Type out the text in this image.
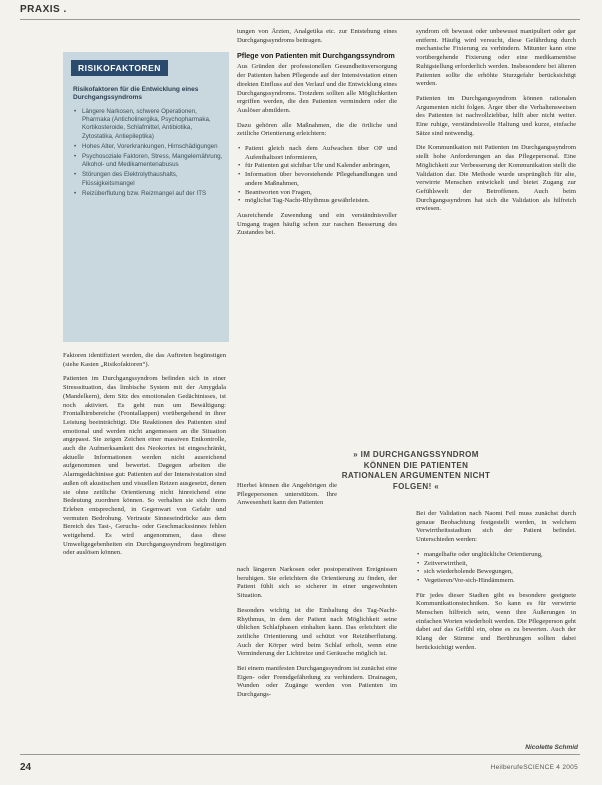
PRAXIS .
RISIKOFAKTOREN
Risikofaktoren für die Entwicklung eines Durchgangssyndroms
• Längere Narkosen, schwere Operationen, Pharmaka (Anticholinergika, Psychopharmaka, Kortikosteroide, Schlafmittel, Antibiotika, Zytostatika, Antiepileptika)
• Hohes Alter, Vorerkrankungen, Hirnschädigungen
• Psychosoziale Faktoren, Stress, Mangelernährung, Alkohol- und Medikamentenabusus
• Störungen des Elektrolythaushalts, Flüssigkeitsmangel
• Reizüberflutung bzw. Reizmangel auf der ITS

Faktoren identifiziert werden, die das Auftreten begünstigen (siehe Kasten „Risikofaktoren“).

Patienten im Durchgangssyndrom befinden sich in einer Stresssituation, das limbische System mit der Amygdala (Mandelkern), dem Sitz des emotionalen Gedächtnisses, ist noch aktiviert. Es geht nun um Bewältigung: Frontalhirnbereiche (Frontallappen) vorübergehend in ihrer Leistung beeinträchtigt. Die Reaktionen des Patienten sind emotional und werden nicht angemessen an die Situation angepasst. Sie zeigen Zeichen einer massiven Entkontrolle, auch die Aufmerksamkeit des Neokortex ist eingeschränkt, aktuelle Informationen werden nicht ausreichend aufgenommen und bewertet. Dagegen arbeiten die Alarmgedächtnisse gut: Patienten auf der Intensivstation sind außen oft akustischen und visuellen Reizen ausgesetzt, denen sie ohne zeitliche Orientierung nicht hinreichend eine Bedeutung zuordnen können. So verhalten sie sich ihrem Erleben entsprechend, in Gegenwart von Gefahr und vermuten Bedrohung. Vertraute Sinneseindrücke aus dem Bereich des Tast-, Geruchs- oder Geschmackssinnes fehlen weitgehend. Es wird angenommen, dass diese Umweltgegebenheiten ein Durchgangssyndrom begünstigen oder auslösen können.

tungen von Ärzten, Analgetika etc. zur Entstehung eines Durchgangssyndroms beitragen.

Pflege von Patienten mit Durchgangssyndrom

Aus Gründen der professionellen Gesundheitsversorgung der Patienten haben Pflegende auf der Intensivstation einen direkten Einfluss auf den Verlauf und die Entwicklung eines Durchgangssyndroms. Trotzdem sollten alle Möglichkeiten ergriffen werden, die den Patienten vermindern oder die Auslöser abmildern.

Dazu gehören alle Maßnahmen, die die örtliche und zeitliche Orientierung erleichtern:

• Patient gleich nach dem Aufwachen über OP und Aufenthaltsort informieren,
• für Patienten gut sichtbar Uhr und Kalender anbringen,
• Information über bevorstehende Pflegehandlungen und andere Maßnahmen,
• Beantworten von Fragen,
• möglichst Tag-Nacht-Rhythmus gewährleisten.

Ausreichende Zuwendung und ein verständnisvoller Umgang tragen häufig schon zur raschen Besserung des Zustandes bei.

Hierbei können die Angehörigen die Pflegepersonen unterstützen. Ihre Anwesenheit kann den Patienten

nach längeren Narkosen oder postoperativen Ereignissen beruhigen. Sie erleichtern die Orientierung zu finden, der Patient fühlt sich so sicherer in einer ungewohnten Situation.

Besonders wichtig ist die Einhaltung des Tag-Nacht-Rhythmus, in dem der Patient nach Möglichkeit seine üblichen Schlafphasen einhalten kann. Das erleichtert die zeitliche Orientierung und schützt vor Reizüberflutung. Auch der Körper wird beim Schlaf erholt, wenn eine Verminderung der Lichtreize und Geräusche möglich ist.

Bei einem manifesten Durchgangssyndrom ist zunächst eine Eigen- oder Fremdgefährdung zu verhindern. Drainagen, Wunden oder Zugänge werden von Patienten im Durchgangs-

» IM DURCHGANGSSYNDROM KÖNNEN DIE PATIENTEN RATIONALEN ARGUMENTEN NICHT FOLGEN! «

syndrom oft bewusst oder unbewusst manipuliert oder gar entfernt. Häufig wird versucht, diese Gefährdung durch mechanische Fixierung zu verhindern. Mitunter kann eine vorübergehende Fixierung oder eine medikamentöse Ruhigstellung erforderlich werden. Insbesondere bei älteren Patienten sollte die erhöhte Sturzgefahr berücksichtigt werden.

Patienten im Durchgangssyndrom können rationalen Argumenten nicht folgen. Ärger über die Verhaltensweisen des Patienten ist nachvollziehbar, hilft aber nicht weiter. Eine ruhige, verständnisvolle Haltung und kurze, einfache Sätze sind notwendig.

Die Kommunikation mit Patienten im Durchgangssyndrom stellt hohe Anforderungen an das Pflegepersonal. Eine Möglichkeit zur Verbesserung der Kommunikation stellt die Validation dar. Die Methode wurde ursprünglich für alte, verwirrte Menschen entwickelt und bietet Zugang zur Gefühlswelt der Betroffenen. Auch beim Durchgangssyndrom hat sich die Validation als hilfreich erwiesen.

Bei der Validation nach Naomi Feil muss zunächst durch genaue Beobachtung festgestellt werden, in welchem Verwirrtheitsstadium sich der Patient befindet. Unterschieden werden:

• mangelhafte oder unglückliche Orientierung,
• Zeitverwirrtheit,
• sich wiederholende Bewegungen,
• Vegetieren/Vor-sich-Hindämmern.

Für jedes dieser Stadien gibt es besondere geeignete Kommunikationstechniken. So kann es für verwirrte Menschen hilfreich sein, wenn ihre Äußerungen in einfachen Worten wiederholt werden. Die Pflegeperson geht dabei auf das Gefühl ein, ohne es zu bewerten. Auch der Klang der Stimme und Berührungen sollten dabei berücksichtigt werden.

Nicolette Schmid
24	HeilberufeSCIENCE 4 2005
